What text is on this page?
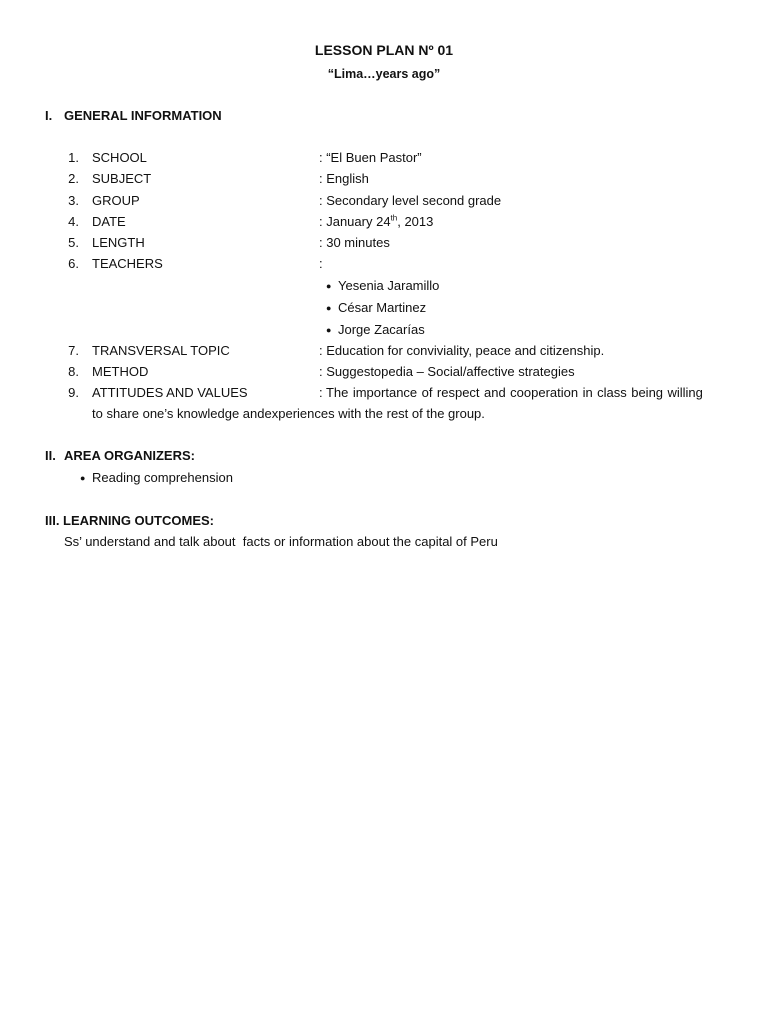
LESSON PLAN Nº 01
“Lima…years ago”
I. GENERAL INFORMATION
1. SCHOOL	: “El Buen Pastor”
2. SUBJECT	: English
3. GROUP	: Secondary level second grade
4. DATE	: January 24th, 2013
5. LENGTH	: 30 minutes
6. TEACHERS	:
● Yesenia Jaramillo
● César Martinez
● Jorge Zacarías
7. TRANSVERSAL TOPIC	: Education for conviviality, peace and citizenship.
8. METHOD	: Suggestopedia – Social/affective strategies
9. ATTITUDES AND VALUES	: The importance of respect and cooperation in class being willing
to share one’s knowledge andexperiences with the rest of the group.
II. AREA ORGANIZERS:
● Reading comprehension
III. LEARNING OUTCOMES:
Ss’ understand and talk about  facts or information about the capital of Peru
